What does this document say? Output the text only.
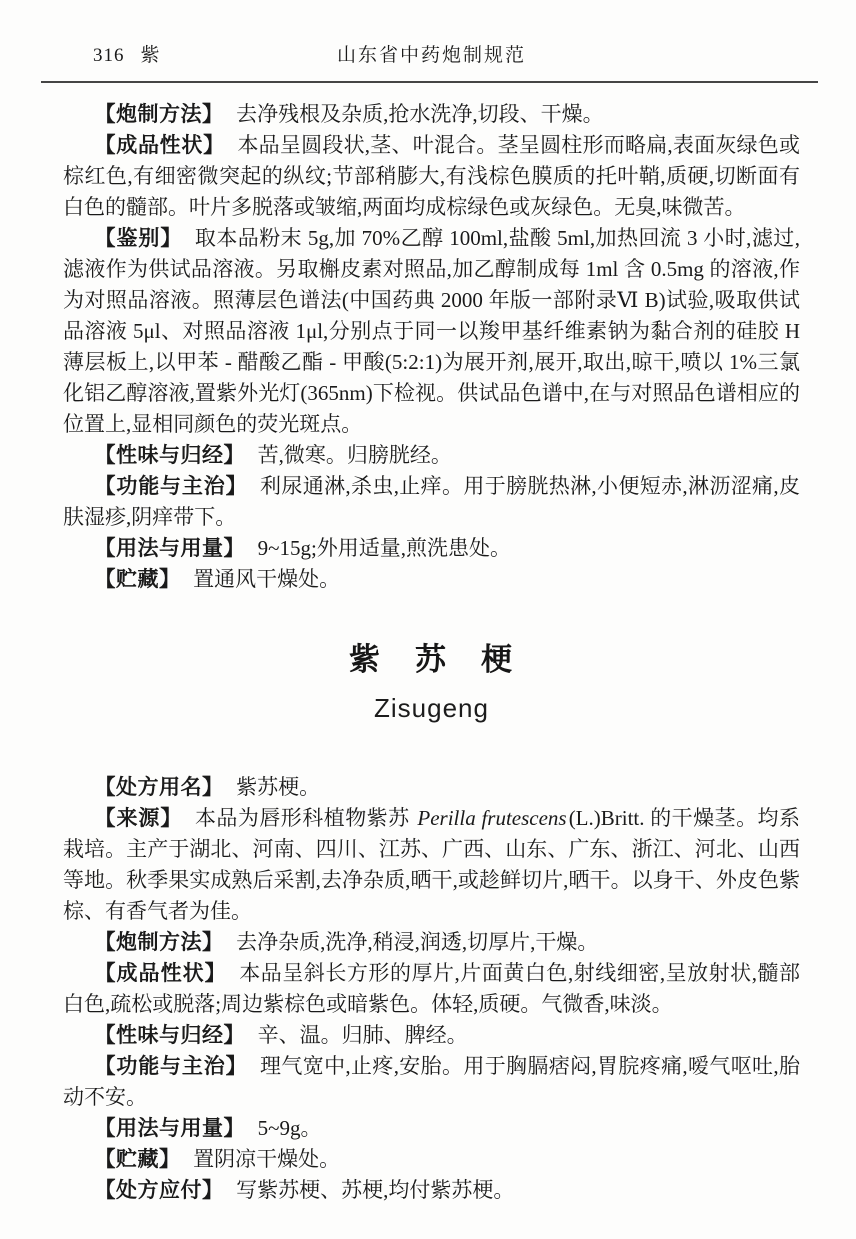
316 紫	山东省中药炮制规范

【炮制方法】 去净残根及杂质,抢水洗净,切段、干燥。

【成品性状】 本品呈圆段状,茎、叶混合。茎呈圆柱形而略扁,表面灰绿色或棕红色,有细密微突起的纵纹;节部稍膨大,有浅棕色膜质的托叶鞘,质硬,切断面有白色的髓部。叶片多脱落或皱缩,两面均成棕绿色或灰绿色。无臭,味微苦。

【鉴别】 取本品粉末 5g,加 70%乙醇 100ml,盐酸 5ml,加热回流 3 小时,滤过,滤液作为供试品溶液。另取槲皮素对照品,加乙醇制成每 1ml 含 0.5mg 的溶液,作为对照品溶液。照薄层色谱法(中国药典 2000 年版一部附录Ⅵ B)试验,吸取供试品溶液 5μl、对照品溶液 1μl,分别点于同一以羧甲基纤维素钠为黏合剂的硅胶 H 薄层板上,以甲苯 - 醋酸乙酯 - 甲酸(5:2:1)为展开剂,展开,取出,晾干,喷以 1%三氯化铝乙醇溶液,置紫外光灯(365nm)下检视。供试品色谱中,在与对照品色谱相应的位置上,显相同颜色的荧光斑点。

【性味与归经】 苦,微寒。归膀胱经。

【功能与主治】 利尿通淋,杀虫,止痒。用于膀胱热淋,小便短赤,淋沥涩痛,皮肤湿疹,阴痒带下。

【用法与用量】 9~15g;外用适量,煎洗患处。

【贮藏】 置通风干燥处。

紫　苏　梗
Zisugeng

【处方用名】 紫苏梗。

【来源】 本品为唇形科植物紫苏 Perilla frutescens(L.)Britt. 的干燥茎。均系栽培。主产于湖北、河南、四川、江苏、广西、山东、广东、浙江、河北、山西等地。秋季果实成熟后采割,去净杂质,晒干,或趁鲜切片,晒干。以身干、外皮色紫棕、有香气者为佳。

【炮制方法】 去净杂质,洗净,稍浸,润透,切厚片,干燥。

【成品性状】 本品呈斜长方形的厚片,片面黄白色,射线细密,呈放射状,髓部白色,疏松或脱落;周边紫棕色或暗紫色。体轻,质硬。气微香,味淡。

【性味与归经】 辛、温。归肺、脾经。

【功能与主治】 理气宽中,止疼,安胎。用于胸膈痞闷,胃脘疼痛,嗳气呕吐,胎动不安。

【用法与用量】 5~9g。

【贮藏】 置阴凉干燥处。

【处方应付】 写紫苏梗、苏梗,均付紫苏梗。
